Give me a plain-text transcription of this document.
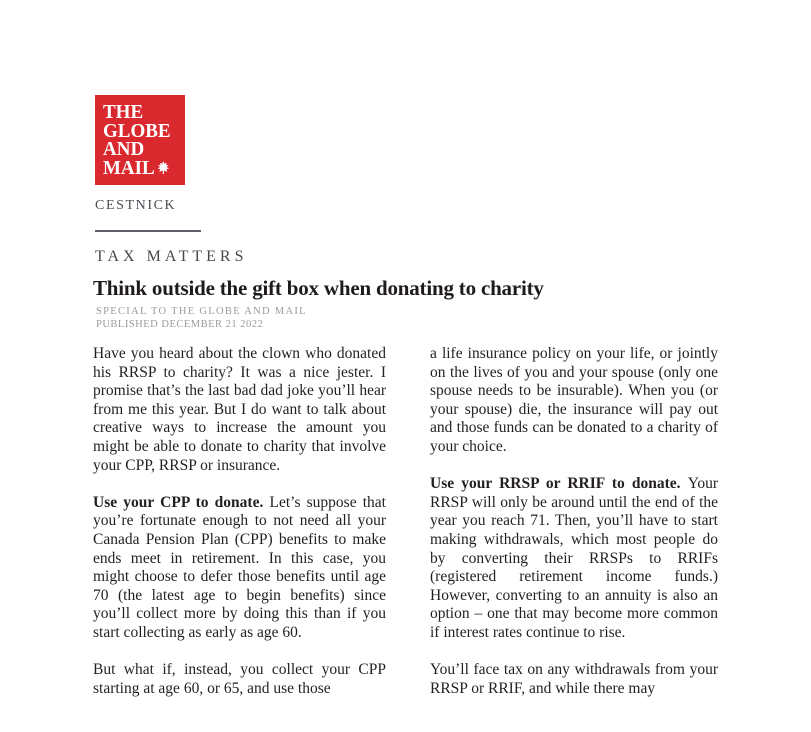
THE
GLOBE
AND
MAIL
CESTNICK
TAX MATTERS
Think outside the gift box when donating to charity
SPECIAL TO THE GLOBE AND MAIL
PUBLISHED DECEMBER 21 2022

Have you heard about the clown who donated his RRSP to charity? It was a nice jester. I promise that’s the last bad dad joke you’ll hear from me this year. But I do want to talk about creative ways to increase the amount you might be able to donate to charity that involve your CPP, RRSP or insurance.

Use your CPP to donate. Let’s suppose that you’re fortunate enough to not need all your Canada Pension Plan (CPP) benefits to make ends meet in retirement. In this case, you might choose to defer those benefits until age 70 (the latest age to begin benefits) since you’ll collect more by doing this than if you start collecting as early as age 60.

But what if, instead, you collect your CPP starting at age 60, or 65, and use those

a life insurance policy on your life, or jointly on the lives of you and your spouse (only one spouse needs to be insurable). When you (or your spouse) die, the insurance will pay out and those funds can be donated to a charity of your choice.

Use your RRSP or RRIF to donate. Your RRSP will only be around until the end of the year you reach 71. Then, you’ll have to start making withdrawals, which most people do by converting their RRSPs to RRIFs (registered retirement income funds.) However, converting to an annuity is also an option – one that may become more common if interest rates continue to rise.

You’ll face tax on any withdrawals from your RRSP or RRIF, and while there may
